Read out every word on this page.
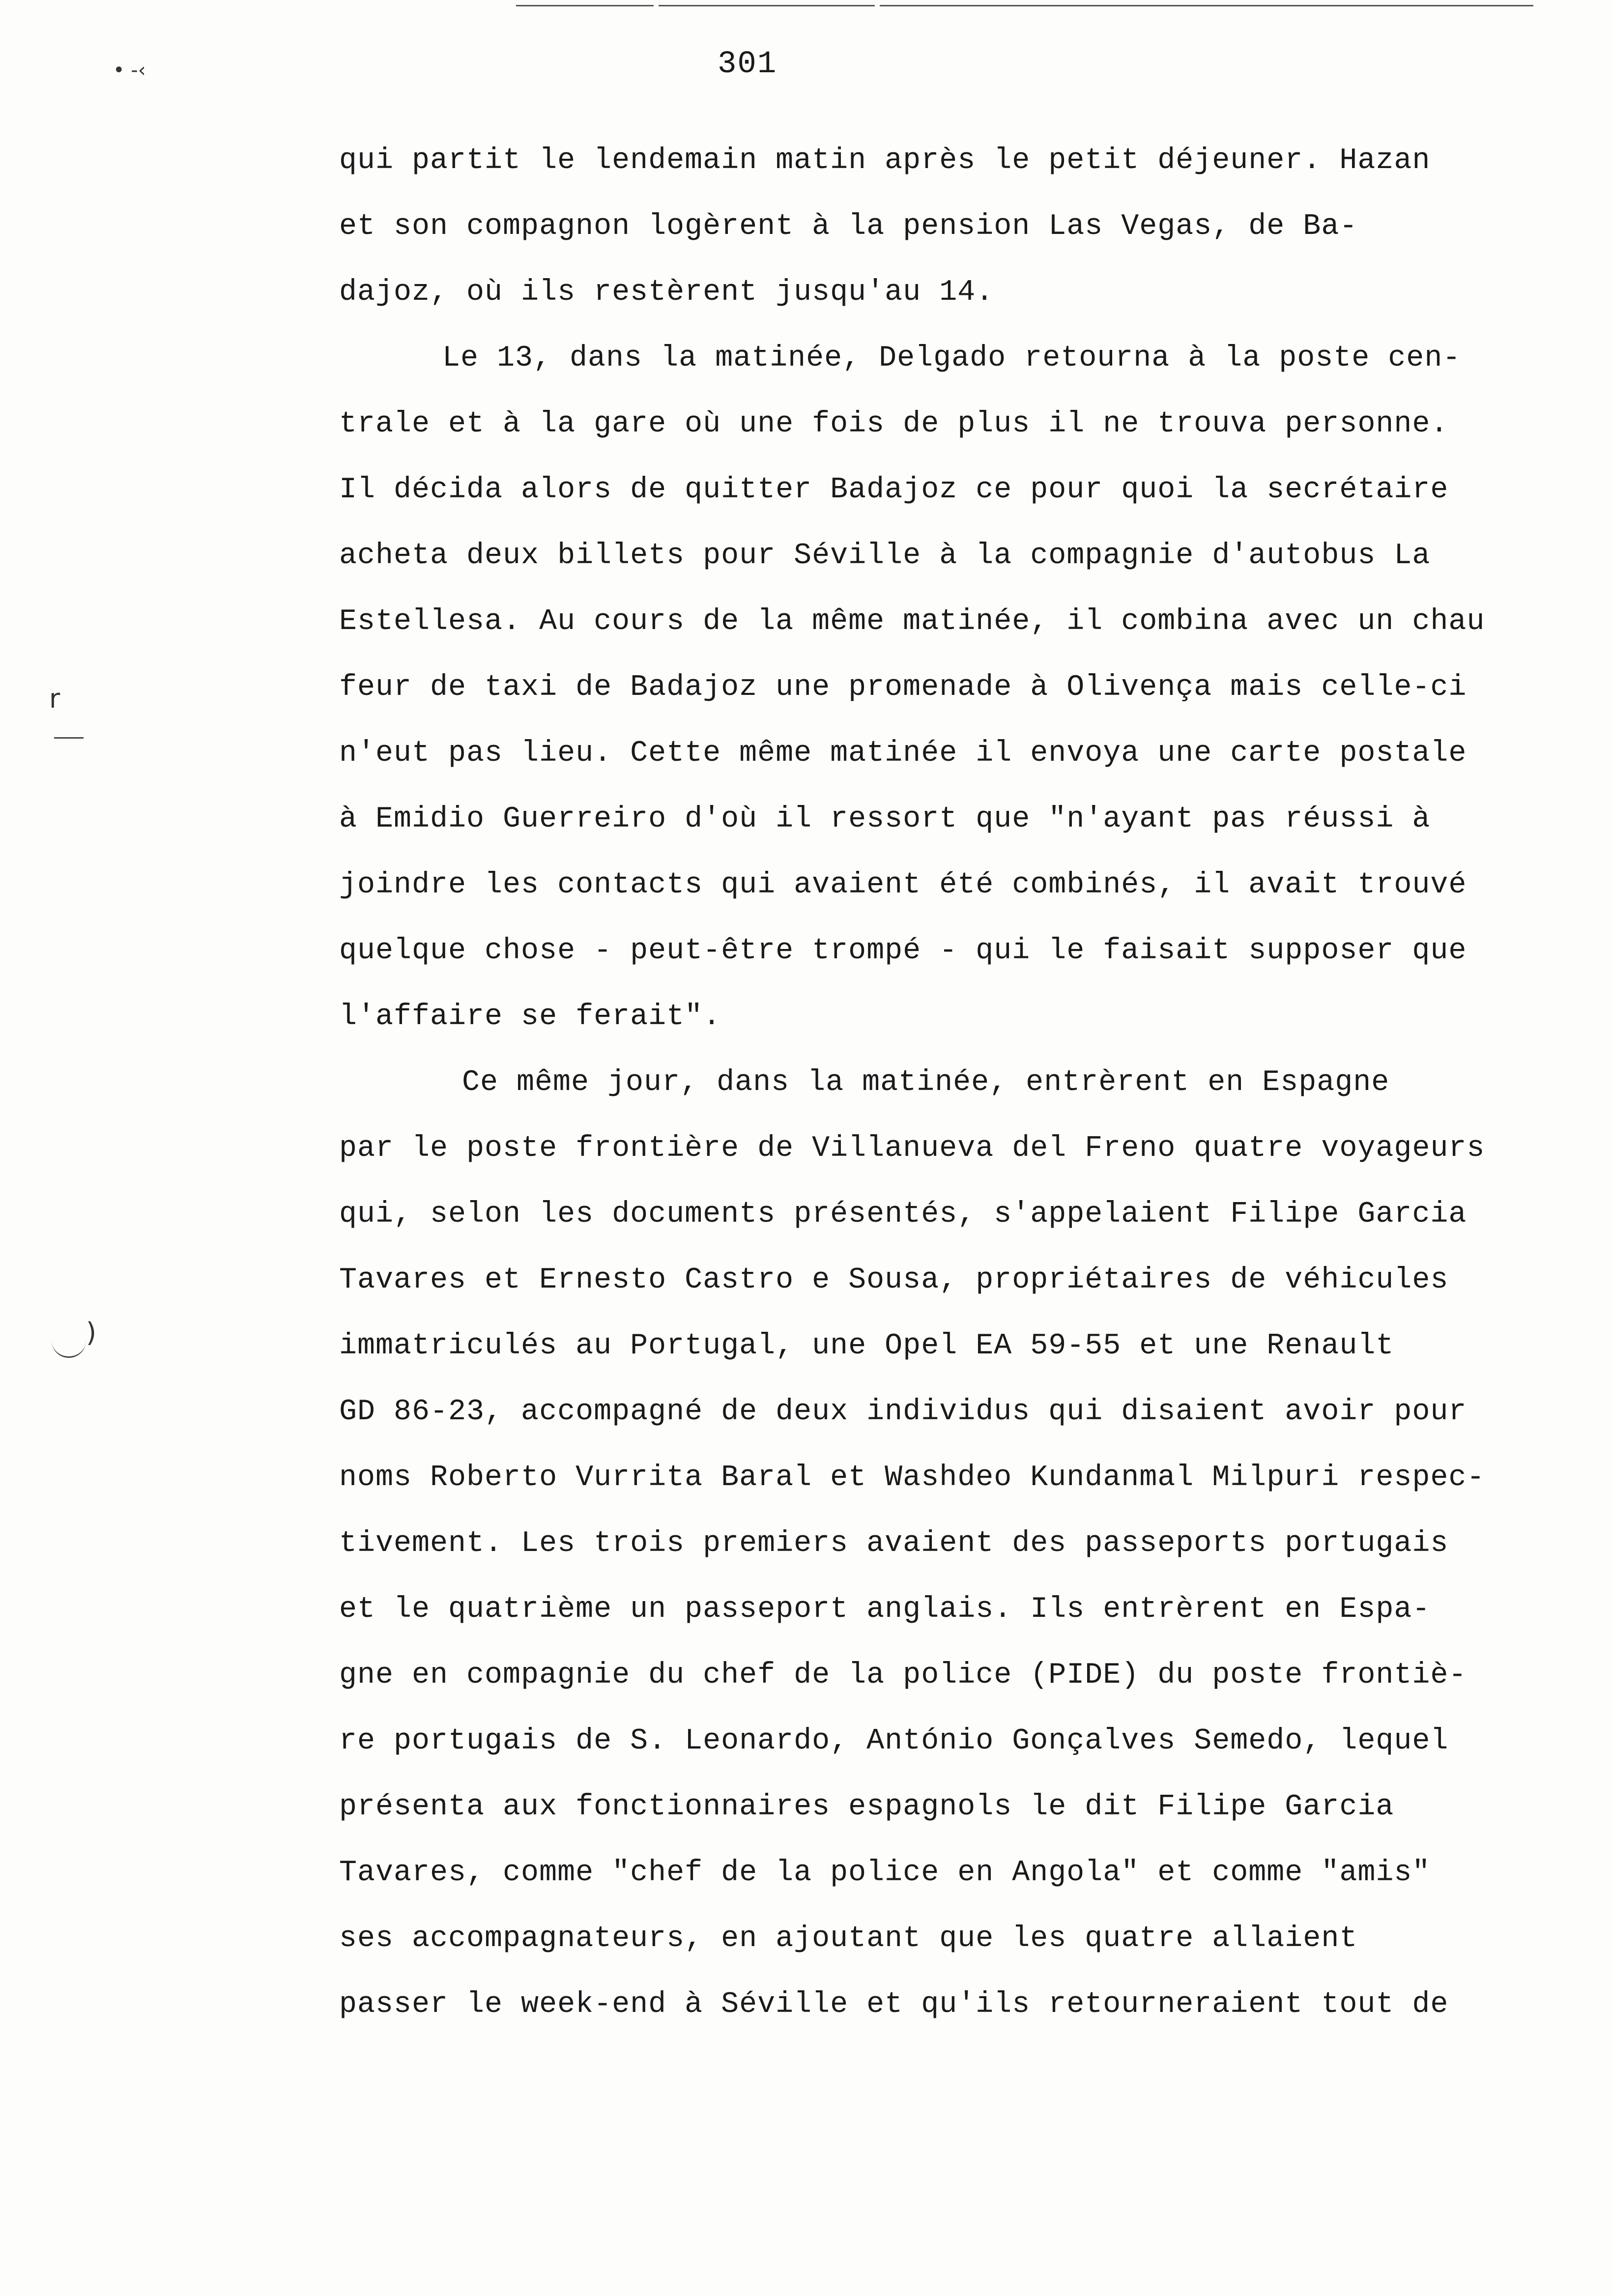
• -‹	301
r
)
qui partit le lendemain matin après le petit déjeuner. Hazan
et son compagnon logèrent à la pension Las Vegas, de Ba-
dajoz, où ils restèrent jusqu'au 14.
Le 13, dans la matinée, Delgado retourna à la poste cen-
trale et à la gare où une fois de plus il ne trouva personne.
Il décida alors de quitter Badajoz ce pour quoi la secrétaire
acheta deux billets pour Séville à la compagnie d'autobus La
Estellesa. Au cours de la même matinée, il combina avec un chau
feur de taxi de Badajoz une promenade à Olivença mais celle-ci
n'eut pas lieu. Cette même matinée il envoya une carte postale
à Emidio Guerreiro d'où il ressort que "n'ayant pas réussi à
joindre les contacts qui avaient été combinés, il avait trouvé
quelque chose - peut-être trompé - qui le faisait supposer que
l'affaire se ferait".
Ce même jour, dans la matinée, entrèrent en Espagne
par le poste frontière de Villanueva del Freno quatre voyageurs
qui, selon les documents présentés, s'appelaient Filipe Garcia
Tavares et Ernesto Castro e Sousa, propriétaires de véhicules
immatriculés au Portugal, une Opel EA 59-55 et une Renault
GD 86-23, accompagné de deux individus qui disaient avoir pour
noms Roberto Vurrita Baral et Washdeo Kundanmal Milpuri respec-
tivement. Les trois premiers avaient des passeports portugais
et le quatrième un passeport anglais. Ils entrèrent en Espa-
gne en compagnie du chef de la police (PIDE) du poste frontiè-
re portugais de S. Leonardo, António Gonçalves Semedo, lequel
présenta aux fonctionnaires espagnols le dit Filipe Garcia
Tavares, comme "chef de la police en Angola" et comme "amis"
ses accompagnateurs, en ajoutant que les quatre allaient
passer le week-end à Séville et qu'ils retourneraient tout de
